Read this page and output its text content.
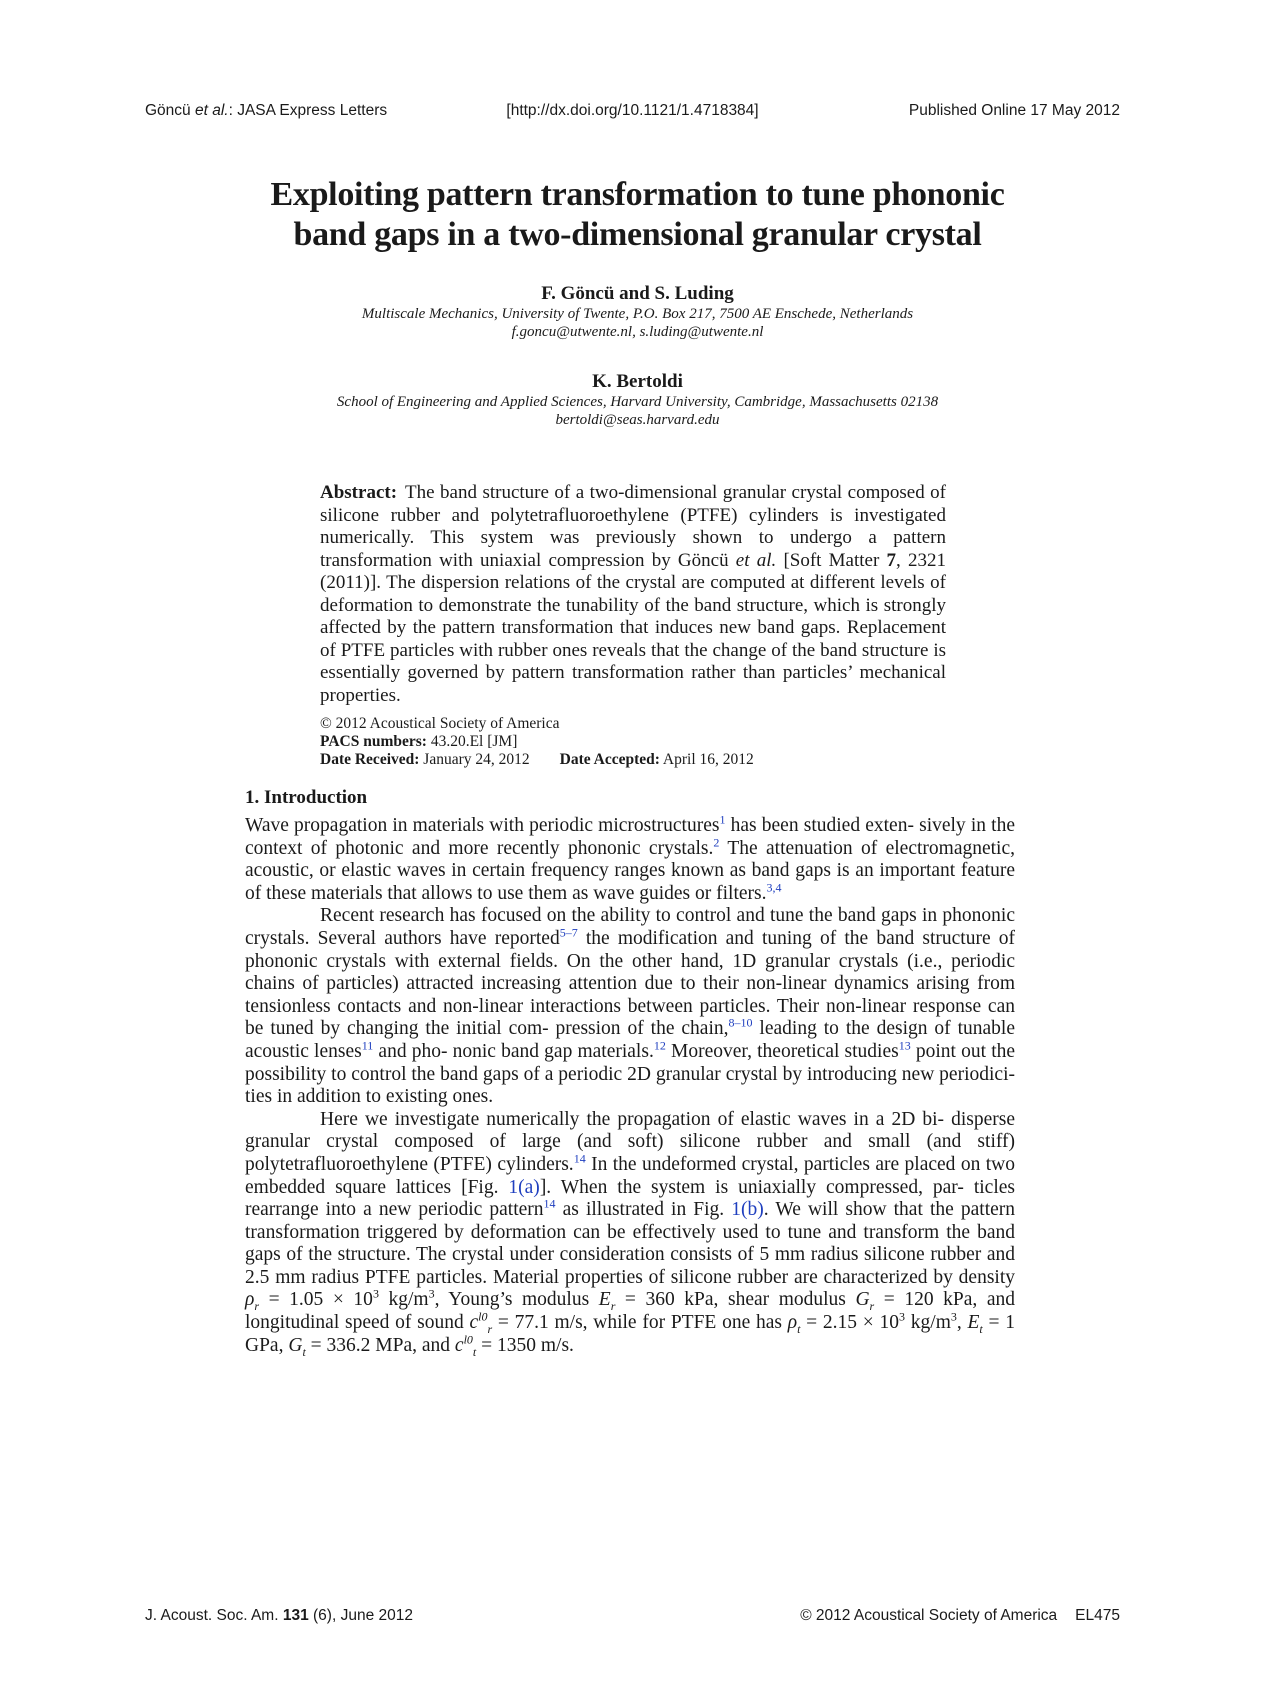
Göncü et al.: JASA Express Letters	[http://dx.doi.org/10.1121/1.4718384]	Published Online 17 May 2012
Exploiting pattern transformation to tune phononic
band gaps in a two-dimensional granular crystal
F. Göncü and S. Luding
Multiscale Mechanics, University of Twente, P.O. Box 217, 7500 AE Enschede, Netherlands
f.goncu@utwente.nl, s.luding@utwente.nl
K. Bertoldi
School of Engineering and Applied Sciences, Harvard University, Cambridge, Massachusetts 02138
bertoldi@seas.harvard.edu
Abstract: The band structure of a two-dimensional granular crystal composed of silicone rubber and polytetrafluoroethylene (PTFE) cylinders is investigated numerically. This system was previously shown to undergo a pattern transformation with uniaxial compression by Göncü et al. [Soft Matter 7, 2321 (2011)]. The dispersion relations of the crystal are computed at different levels of deformation to demonstrate the tunability of the band structure, which is strongly affected by the pattern transformation that induces new band gaps. Replacement of PTFE particles with rubber ones reveals that the change of the band structure is essentially governed by pattern transformation rather than particles’ mechanical properties.
© 2012 Acoustical Society of America
PACS numbers: 43.20.El [JM]
Date Received: January 24, 2012 Date Accepted: April 16, 2012
1. Introduction

Wave propagation in materials with periodic microstructures$^1$ has been studied exten- sively in the context of photonic and more recently phononic crystals.$^2$ The attenuation of electromagnetic, acoustic, or elastic waves in certain frequency ranges known as band gaps is an important feature of these materials that allows to use them as wave guides or filters.$^{3,4}$

Recent research has focused on the ability to control and tune the band gaps in phononic crystals. Several authors have reported$^{5-7}$ the modification and tuning of the band structure of phononic crystals with external fields. On the other hand, 1D granular crystals (i.e., periodic chains of particles) attracted increasing attention due to their non-linear dynamics arising from tensionless contacts and non-linear interactions between particles. Their non-linear response can be tuned by changing the initial com- pression of the chain,$^{8-10}$ leading to the design of tunable acoustic lenses$^{11}$ and pho- nonic band gap materials.$^{12}$ Moreover, theoretical studies$^{13}$ point out the possibility to control the band gaps of a periodic 2D granular crystal by introducing new periodici- ties in addition to existing ones.

Here we investigate numerically the propagation of elastic waves in a 2D bi- disperse granular crystal composed of large (and soft) silicone rubber and small (and stiff) polytetrafluoroethylene (PTFE) cylinders.$^{14}$ In the undeformed crystal, particles are placed on two embedded square lattices [Fig. 1(a)]. When the system is uniaxially compressed, par- ticles rearrange into a new periodic pattern$^{14}$ as illustrated in Fig. 1(b). We will show that the pattern transformation triggered by deformation can be effectively used to tune and transform the band gaps of the structure. The crystal under consideration consists of 5 mm radius silicone rubber and 2.5 mm radius PTFE particles. Material properties of silicone rubber are characterized by density $\rho_r = 1.05 \times 10^3$ $kg/m^3$, Young’s modulus $E_r = 360$ kPa, shear modulus $G_r = 120$ kPa, and longitudinal speed of sound $c^{l0}_r = 77.1$ m/s, while for PTFE one has $\rho_t = 2.15 \times 10^3$ $kg/m^3$, $E_t = 1$ GPa, $G_t = 336.2$ MPa, and $c^{l0}_t = 1350$ m/s.

J. Acoust. Soc. Am. 131 (6), June 2012	© 2012 Acoustical Society of America EL475
